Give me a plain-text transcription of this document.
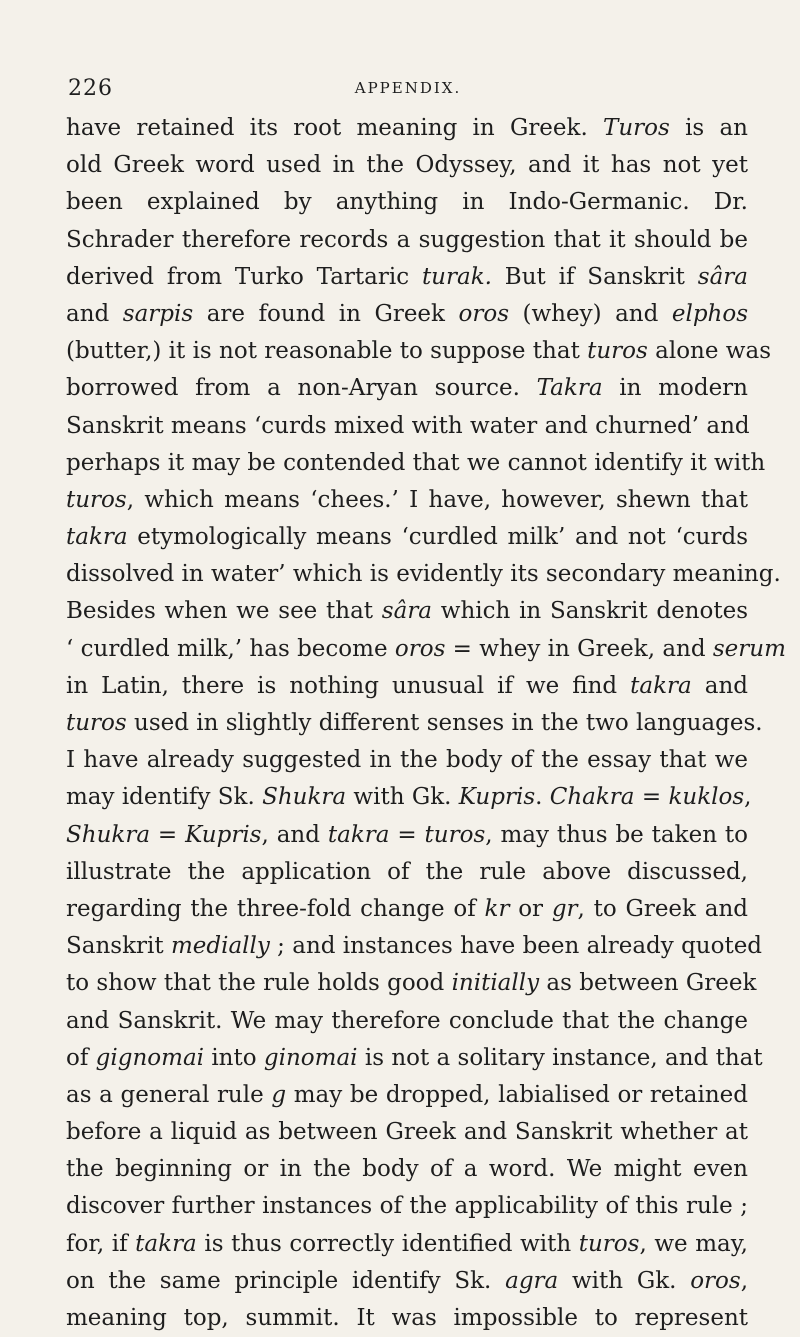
226	APPENDIX.
have retained its root meaning in Greek. Turos is an
old Greek word used in the Odyssey, and it has not yet
been explained by anything in Indo-Germanic. Dr.
Schrader therefore records a suggestion that it should be
derived from Turko Tartaric turak. But if Sanskrit sâra
and sarpis are found in Greek oros (whey) and elphos
(butter,) it is not reasonable to suppose that turos alone was
borrowed from a non-Aryan source. Takra in modern
Sanskrit means ‘curds mixed with water and churned’ and
perhaps it may be contended that we cannot identify it with
turos, which means ‘chees.’ I have, however, shewn that
takra etymologically means ‘curdled milk’ and not ‘curds
dissolved in water’ which is evidently its secondary meaning.
Besides when we see that sâra which in Sanskrit denotes
‘ curdled milk,’ has become oros = whey in Greek, and serum
in Latin, there is nothing unusual if we find takra and
turos used in slightly different senses in the two languages.
I have already suggested in the body of the essay that we
may identify Sk. Shukra with Gk. Kupris. Chakra = kuklos,
Shukra = Kupris, and takra = turos, may thus be taken to
illustrate the application of the rule above discussed,
regarding the three-fold change of kr or gr, to Greek and
Sanskrit medially ; and instances have been already quoted
to show that the rule holds good initially as between Greek
and Sanskrit. We may therefore conclude that the change
of gignomai into ginomai is not a solitary instance, and that
as a general rule g may be dropped, labialised or retained
before a liquid as between Greek and Sanskrit whether at
the beginning or in the body of a word. We might even
discover further instances of the applicability of this rule ;
for, if takra is thus correctly identified with turos, we may,
on the same principle identify Sk. agra with Gk. oros,
meaning top, summit. It was impossible to represent
